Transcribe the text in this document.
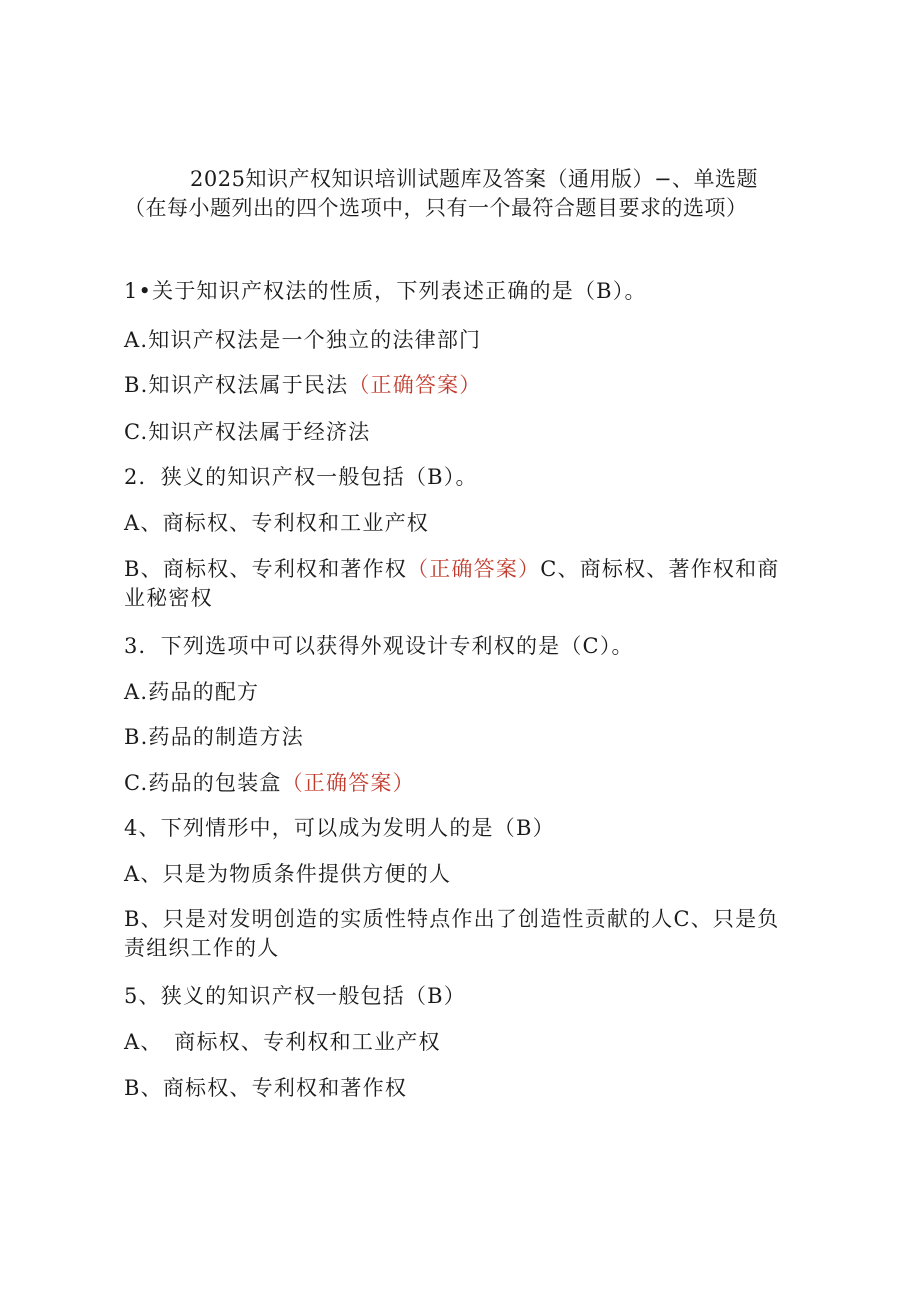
2025知识产权知识培训试题库及答案（通用版）−、单选题（在每小题列出的四个选项中，只有一个最符合题目要求的选项）

1•关于知识产权法的性质，下列表述正确的是（B）。

A.知识产权法是一个独立的法律部门

B.知识产权法属于民法（正确答案）

C.知识产权法属于经济法

2．狭义的知识产权一般包括（B）。

A、商标权、专利权和工业产权

B、商标权、专利权和著作权（正确答案）C、商标权、著作权和商业秘密权

3．下列选项中可以获得外观设计专利权的是（C）。

A.药品的配方

B.药品的制造方法

C.药品的包装盒（正确答案）

4、下列情形中，可以成为发明人的是（B）

A、只是为物质条件提供方便的人

B、只是对发明创造的实质性特点作出了创造性贡献的人C、只是负责组织工作的人

5、狭义的知识产权一般包括（B）

A、　商标权、专利权和工业产权

B、商标权、专利权和著作权
